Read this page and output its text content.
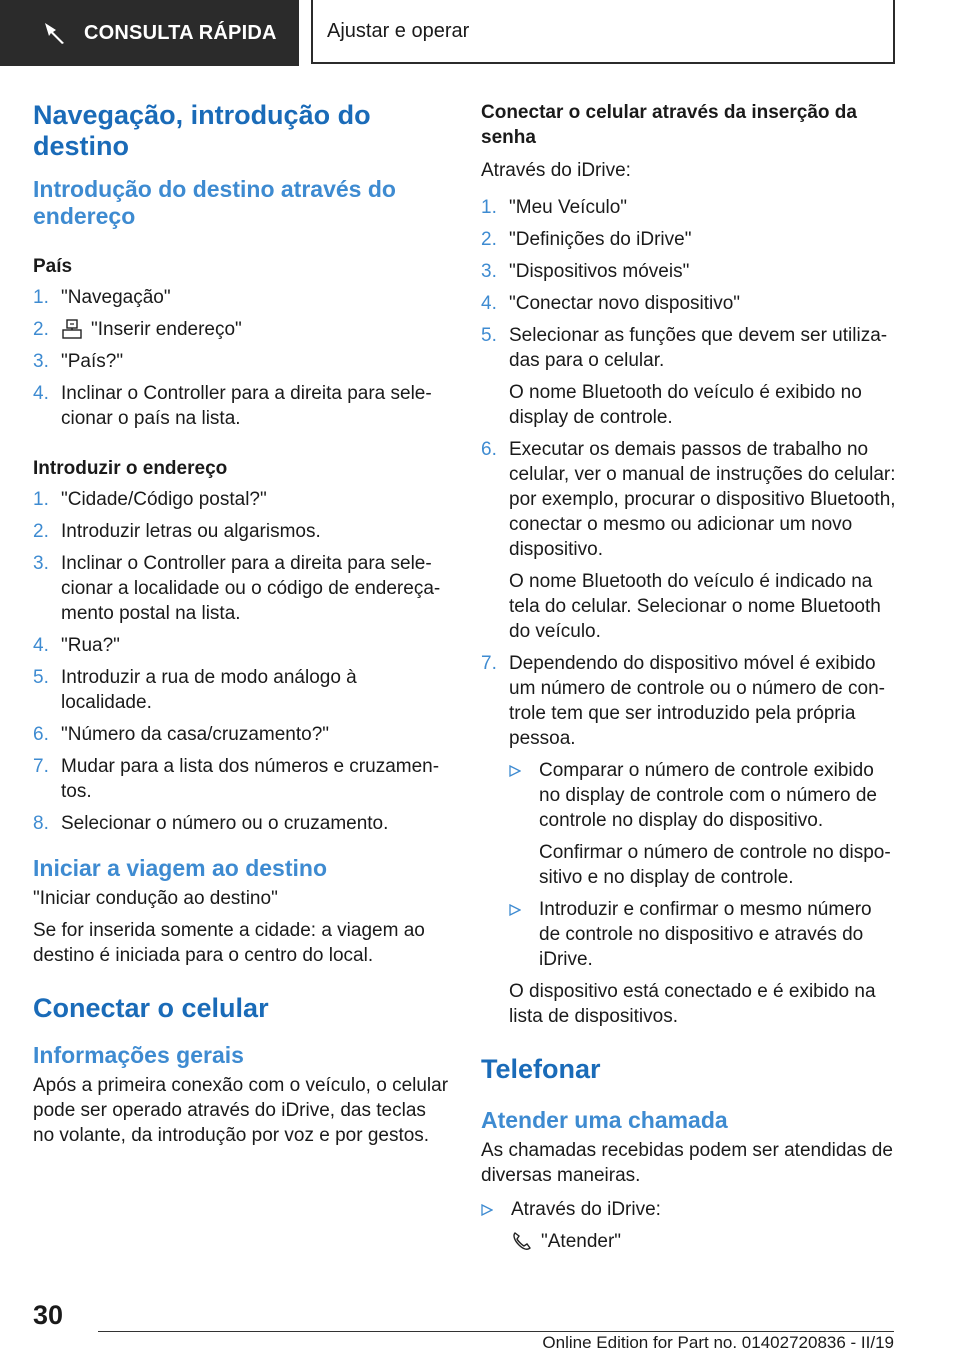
CONSULTA RÁPIDA	Ajustar e operar
Navegação, introdução do destino
Introdução do destino através do endereço
País
1. "Navegação"
2. "Inserir endereço"
3. "País?"
4. Inclinar o Controller para a direita para selecionar o país na lista.
Introduzir o endereço
1. "Cidade/Código postal?"
2. Introduzir letras ou algarismos.
3. Inclinar o Controller para a direita para selecionar a localidade ou o código de endereçamento postal na lista.
4. "Rua?"
5. Introduzir a rua de modo análogo à localidade.
6. "Número da casa/cruzamento?"
7. Mudar para a lista dos números e cruzamentos.
8. Selecionar o número ou o cruzamento.
Iniciar a viagem ao destino

"Iniciar condução ao destino"

Se for inserida somente a cidade: a viagem ao destino é iniciada para o centro do local.

Conectar o celular
Informações gerais

Após a primeira conexão com o veículo, o celular pode ser operado através do iDrive, das teclas no volante, da introdução por voz e por gestos.

Conectar o celular através da inserção da senha

Através do iDrive:

1. "Meu Veículo"
2. "Definições do iDrive"
3. "Dispositivos móveis"
4. "Conectar novo dispositivo"
5. Selecionar as funções que devem ser utilizadas para o celular.
O nome Bluetooth do veículo é exibido no display de controle.
6. Executar os demais passos de trabalho no celular, ver o manual de instruções do celular: por exemplo, procurar o dispositivo Bluetooth, conectar o mesmo ou adicionar um novo dispositivo.
O nome Bluetooth do veículo é indicado na tela do celular. Selecionar o nome Bluetooth do veículo.
7. Dependendo do dispositivo móvel é exibido um número de controle ou o número de controle tem que ser introduzido pela própria pessoa.
Comparar o número de controle exibido no display de controle com o número de controle no display do dispositivo.
Confirmar o número de controle no dispositivo e no display de controle.
Introduzir e confirmar o mesmo número de controle no dispositivo e através do iDrive.
O dispositivo está conectado e é exibido na lista de dispositivos.
Telefonar
Atender uma chamada

As chamadas recebidas podem ser atendidas de diversas maneiras.

Através do iDrive:
"Atender"
30
Online Edition for Part no. 01402720836 - II/19
